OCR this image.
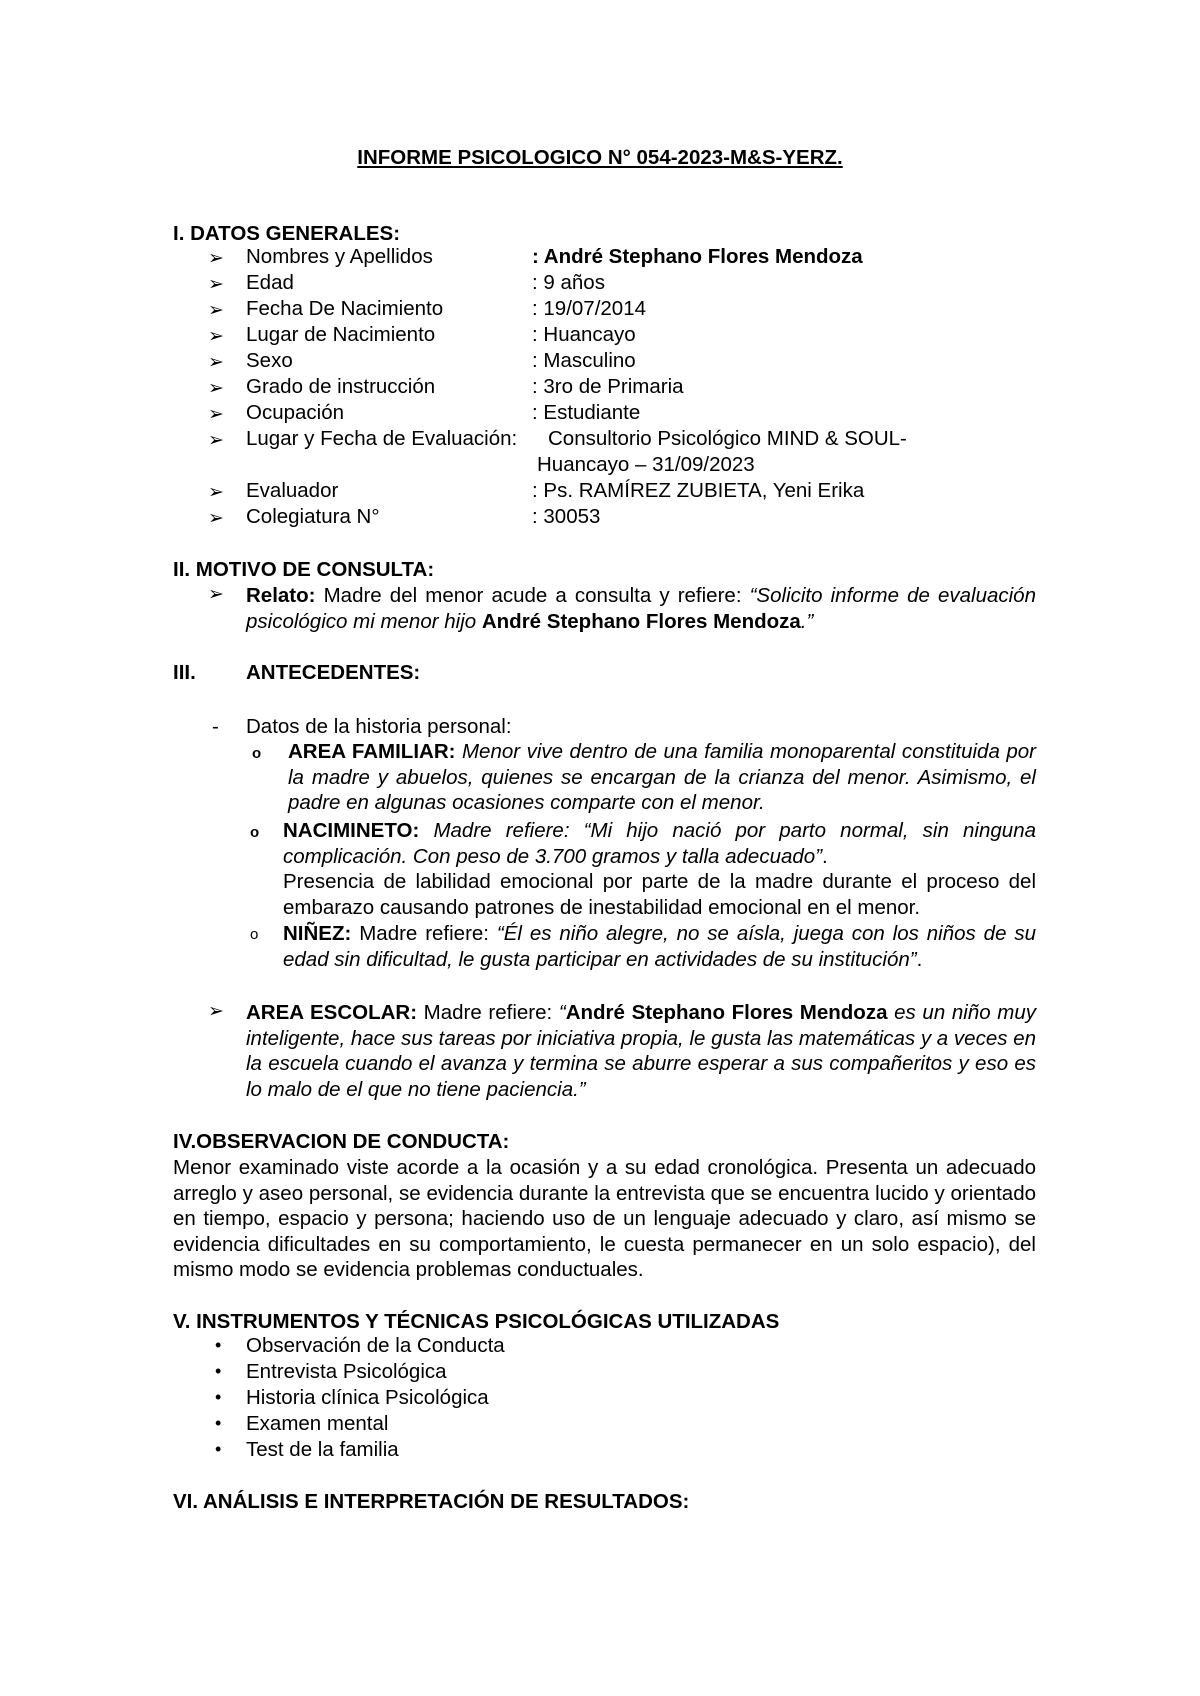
INFORME PSICOLOGICO N° 054-2023-M&S-YERZ.
I. DATOS GENERALES:
➢ Nombres y Apellidos	: André Stephano Flores Mendoza
➢ Edad	: 9 años
➢ Fecha De Nacimiento	: 19/07/2014
➢ Lugar de Nacimiento	: Huancayo
➢ Sexo	: Masculino
➢ Grado de instrucción	: 3ro de Primaria
➢ Ocupación	: Estudiante
➢ Lugar y Fecha de Evaluación: Consultorio Psicológico MIND & SOUL-
Huancayo – 31/09/2023
➢ Evaluador	: Ps. RAMÍREZ ZUBIETA, Yeni Erika
➢ Colegiatura N°	: 30053
II. MOTIVO DE CONSULTA:
➢ Relato: Madre del menor acude a consulta y refiere: “Solicito informe de evaluación psicológico mi menor hijo André Stephano Flores Mendoza.”
III. ANTECEDENTES:
- Datos de la historia personal:
o AREA FAMILIAR: Menor vive dentro de una familia monoparental constituida por la madre y abuelos, quienes se encargan de la crianza del menor. Asimismo, el padre en algunas ocasiones comparte con el menor.
o NACIMINETO: Madre refiere: “Mi hijo nació por parto normal, sin ninguna complicación. Con peso de 3.700 gramos y talla adecuado”.
Presencia de labilidad emocional por parte de la madre durante el proceso del embarazo causando patrones de inestabilidad emocional en el menor.
o NIÑEZ: Madre refiere: “Él es niño alegre, no se aísla, juega con los niños de su edad sin dificultad, le gusta participar en actividades de su institución”.
➢ AREA ESCOLAR: Madre refiere: “André Stephano Flores Mendoza es un niño muy inteligente, hace sus tareas por iniciativa propia, le gusta las matemáticas y a veces en la escuela cuando el avanza y termina se aburre esperar a sus compañeritos y eso es lo malo de el que no tiene paciencia.”
IV.OBSERVACION DE CONDUCTA:
Menor examinado viste acorde a la ocasión y a su edad cronológica. Presenta un adecuado arreglo y aseo personal, se evidencia durante la entrevista que se encuentra lucido y orientado en tiempo, espacio y persona; haciendo uso de un lenguaje adecuado y claro, así mismo se evidencia dificultades en su comportamiento, le cuesta permanecer en un solo espacio), del mismo modo se evidencia problemas conductuales.
V. INSTRUMENTOS Y TÉCNICAS PSICOLÓGICAS UTILIZADAS
• Observación de la Conducta
• Entrevista Psicológica
• Historia clínica Psicológica
• Examen mental
• Test de la familia
VI. ANÁLISIS E INTERPRETACIÓN DE RESULTADOS:
